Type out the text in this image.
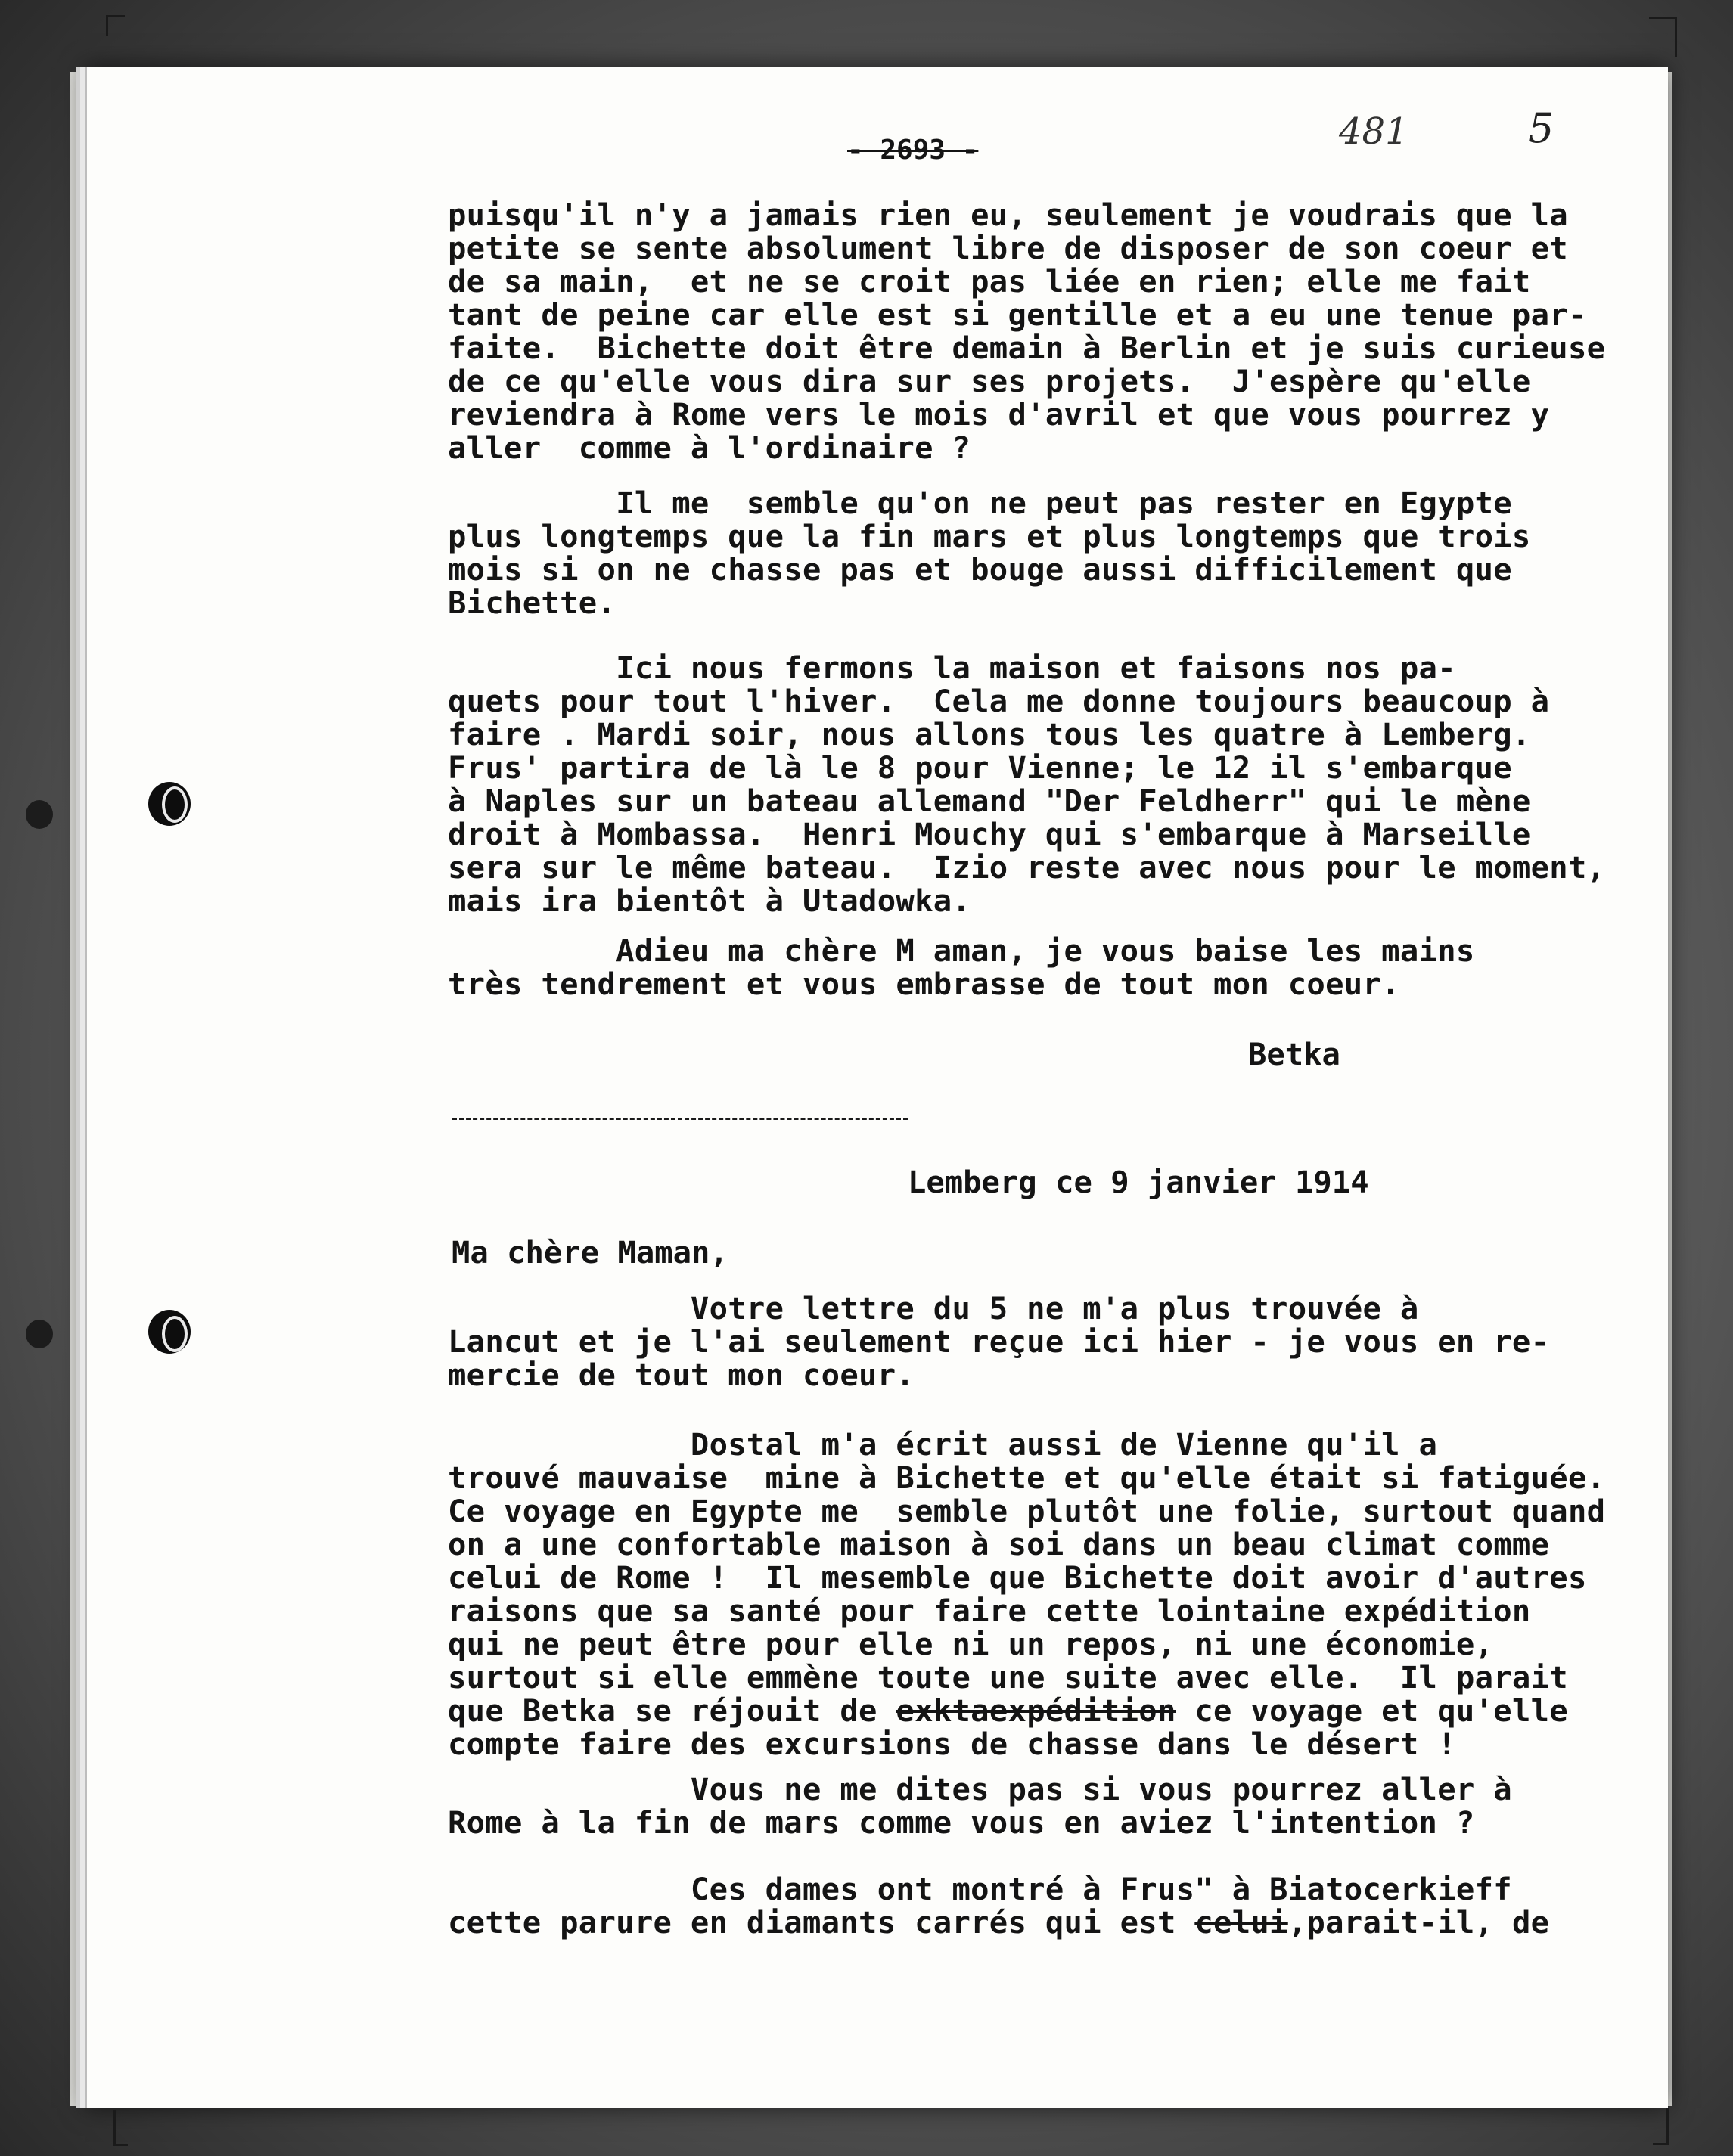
- 2693 -	481	5
puisqu'il n'y a jamais rien eu, seulement je voudrais que la
petite se sente absolument libre de disposer de son coeur et
de sa main,  et ne se croit pas liée en rien; elle me fait
tant de peine car elle est si gentille et a eu une tenue par-
faite.  Bichette doit être demain à Berlin et je suis curieuse
de ce qu'elle vous dira sur ses projets.  J'espère qu'elle
reviendra à Rome vers le mois d'avril et que vous pourrez y
aller  comme à l'ordinaire ?
Il me  semble qu'on ne peut pas rester en Egypte
plus longtemps que la fin mars et plus longtemps que trois
mois si on ne chasse pas et bouge aussi difficilement que
Bichette.
Ici nous fermons la maison et faisons nos pa-
quets pour tout l'hiver.  Cela me donne toujours beaucoup à
faire . Mardi soir, nous allons tous les quatre à Lemberg.
Frus' partira de là le 8 pour Vienne; le 12 il s'embarque
à Naples sur un bateau allemand "Der Feldherr" qui le mène
droit à Mombassa.  Henri Mouchy qui s'embarque à Marseille
sera sur le même bateau.  Izio reste avec nous pour le moment,
mais ira bientôt à Utadowka.
Adieu ma chère M aman, je vous baise les mains
très tendrement et vous embrasse de tout mon coeur.
Betka
Lemberg ce 9 janvier 1914
Ma chère Maman,
Votre lettre du 5 ne m'a plus trouvée à
Lancut et je l'ai seulement reçue ici hier - je vous en re-
mercie de tout mon coeur.
Dostal m'a écrit aussi de Vienne qu'il a
trouvé mauvaise  mine à Bichette et qu'elle était si fatiguée.
Ce voyage en Egypte me  semble plutôt une folie, surtout quand
on a une confortable maison à soi dans un beau climat comme
celui de Rome !  Il mesemble que Bichette doit avoir d'autres
raisons que sa santé pour faire cette lointaine expédition
qui ne peut être pour elle ni un repos, ni une économie,
surtout si elle emmène toute une suite avec elle.  Il parait
que Betka se réjouit de exktaexpédition ce voyage et qu'elle
compte faire des excursions de chasse dans le désert !
Vous ne me dites pas si vous pourrez aller à
Rome à la fin de mars comme vous en aviez l'intention ?
Ces dames ont montré à Frus" à Biatocerkieff
cette parure en diamants carrés qui est celui,parait-il, de
